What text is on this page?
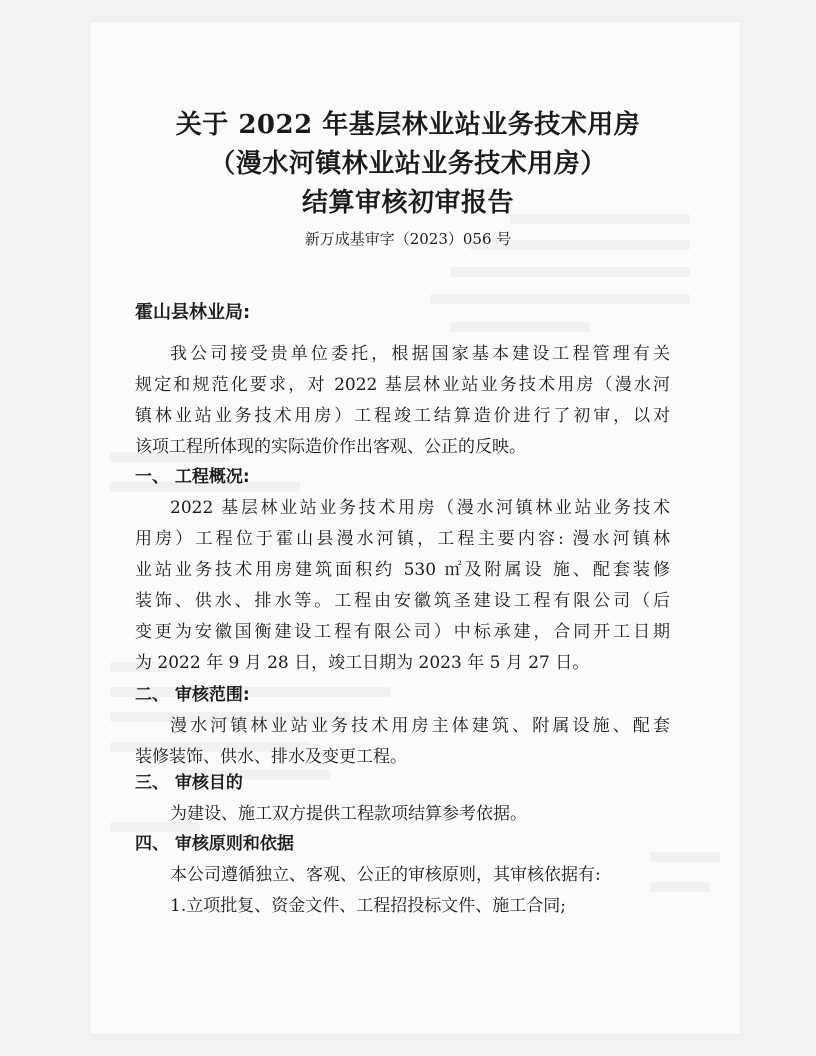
关于 2022 年基层林业站业务技术用房
（漫水河镇林业站业务技术用房）
结算审核初审报告
新万成基审字（2023）056 号
霍山县林业局:
我公司接受贵单位委托，根据国家基本建设工程管理有关
规定和规范化要求，对 2022 基层林业站业务技术用房（漫水河
镇林业站业务技术用房）工程竣工结算造价进行了初审，以对
该项工程所体现的实际造价作出客观、公正的反映。
一、 工程概况:
2022 基层林业站业务技术用房（漫水河镇林业站业务技术
用房）工程位于霍山县漫水河镇，工程主要内容: 漫水河镇林
业站业务技术用房建筑面积约 530 ㎡及附属设 施、配套装修
装饰、供水、排水等。工程由安徽筑圣建设工程有限公司（后
变更为安徽国衡建设工程有限公司）中标承建，合同开工日期
为 2022 年 9 月 28 日，竣工日期为 2023 年 5 月 27 日。
二、 审核范围:
漫水河镇林业站业务技术用房主体建筑、附属设施、配套
装修装饰、供水、排水及变更工程。
三、 审核目的
为建设、施工双方提供工程款项结算参考依据。
四、 审核原则和依据
本公司遵循独立、客观、公正的审核原则，其审核依据有:
1.立项批复、资金文件、工程招投标文件、施工合同;
